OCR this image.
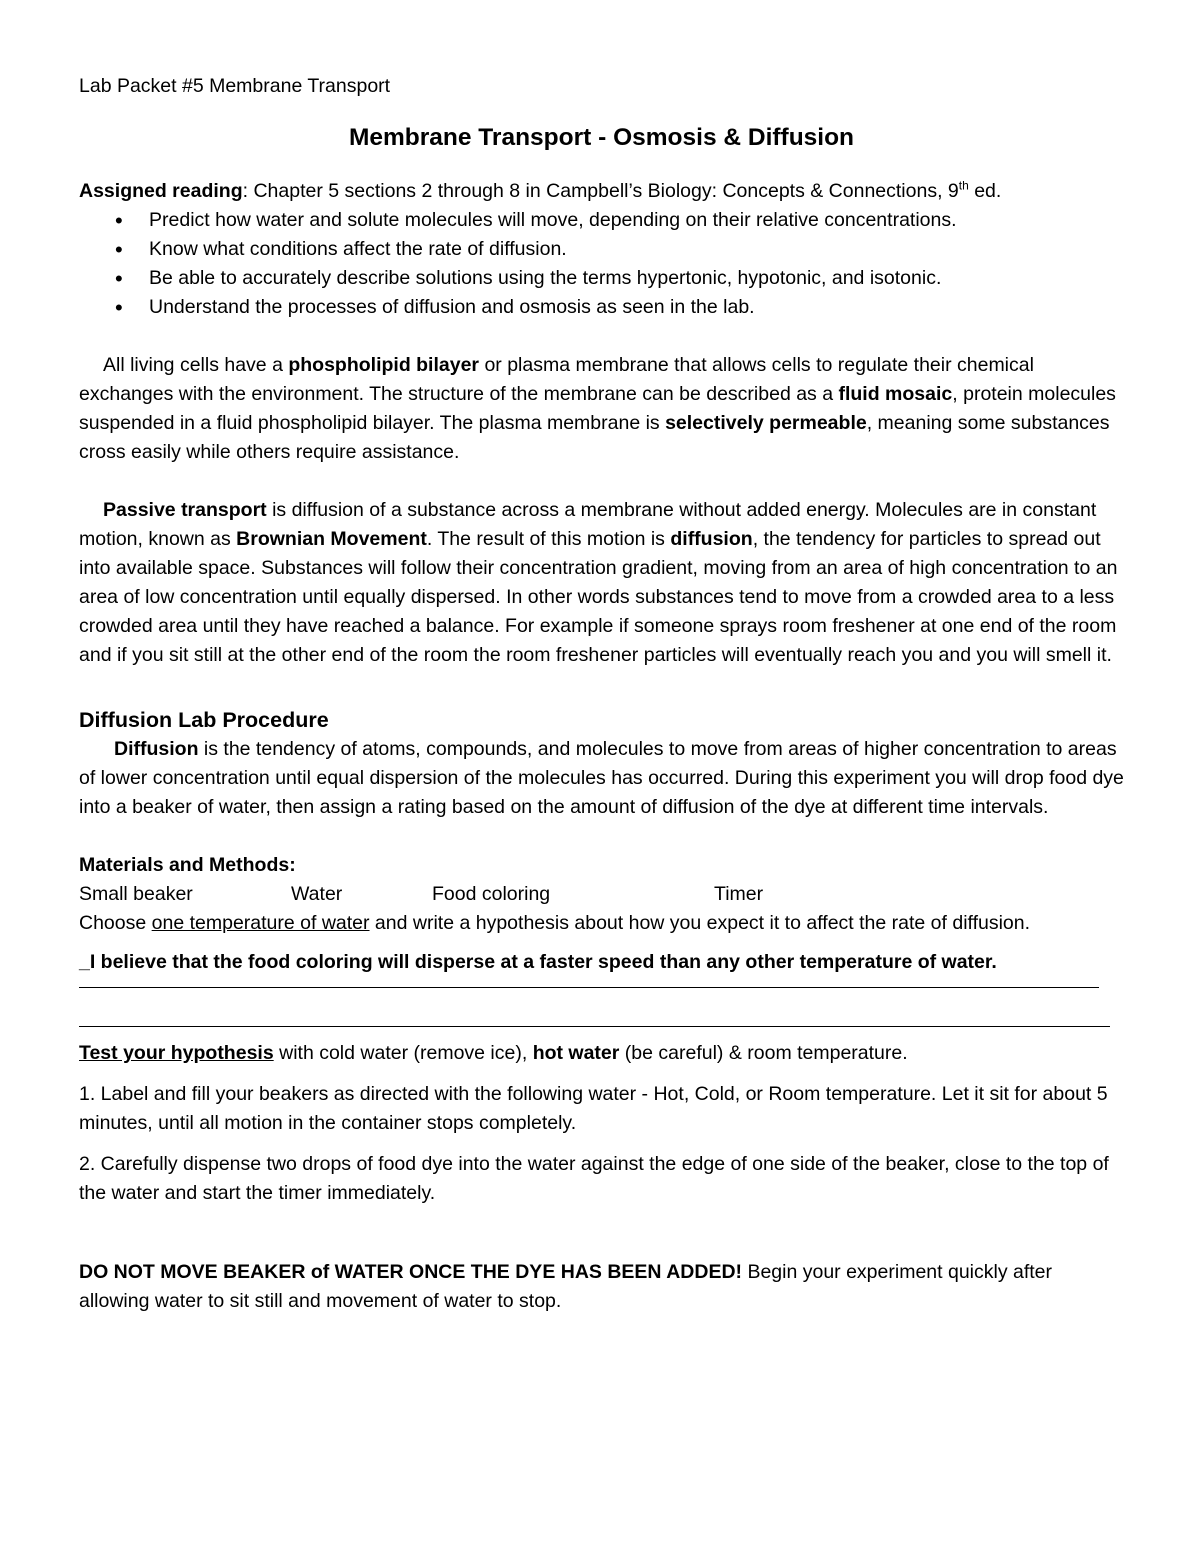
Lab Packet #5 Membrane Transport
Membrane Transport - Osmosis & Diffusion

Assigned reading: Chapter 5 sections 2 through 8 in Campbell’s Biology: Concepts & Connections, 9th ed.

• Predict how water and solute molecules will move, depending on their relative concentrations.
• Know what conditions affect the rate of diffusion.
• Be able to accurately describe solutions using the terms hypertonic, hypotonic, and isotonic.
• Understand the processes of diffusion and osmosis as seen in the lab.

All living cells have a phospholipid bilayer or plasma membrane that allows cells to regulate their chemical exchanges with the environment. The structure of the membrane can be described as a fluid mosaic, protein molecules suspended in a fluid phospholipid bilayer. The plasma membrane is selectively permeable, meaning some substances cross easily while others require assistance.

Passive transport is diffusion of a substance across a membrane without added energy. Molecules are in constant motion, known as Brownian Movement. The result of this motion is diffusion, the tendency for particles to spread out into available space. Substances will follow their concentration gradient, moving from an area of high concentration to an area of low concentration until equally dispersed. In other words substances tend to move from a crowded area to a less crowded area until they have reached a balance. For example if someone sprays room freshener at one end of the room and if you sit still at the other end of the room the room freshener particles will eventually reach you and you will smell it.

Diffusion Lab Procedure

Diffusion is the tendency of atoms, compounds, and molecules to move from areas of higher concentration to areas of lower concentration until equal dispersion of the molecules has occurred. During this experiment you will drop food dye into a beaker of water, then assign a rating based on the amount of diffusion of the dye at different time intervals.

Materials and Methods:

Small beaker	Water	Food coloring	Timer

Choose one temperature of water and write a hypothesis about how you expect it to affect the rate of diffusion.

_I believe that the food coloring will disperse at a faster speed than any other temperature of water.

Test your hypothesis with cold water (remove ice), hot water (be careful) & room temperature.

1. Label and fill your beakers as directed with the following water - Hot, Cold, or Room temperature. Let it sit for about 5 minutes, until all motion in the container stops completely.

2. Carefully dispense two drops of food dye into the water against the edge of one side of the beaker, close to the top of the water and start the timer immediately.

DO NOT MOVE BEAKER of WATER ONCE THE DYE HAS BEEN ADDED! Begin your experiment quickly after allowing water to sit still and movement of water to stop.
